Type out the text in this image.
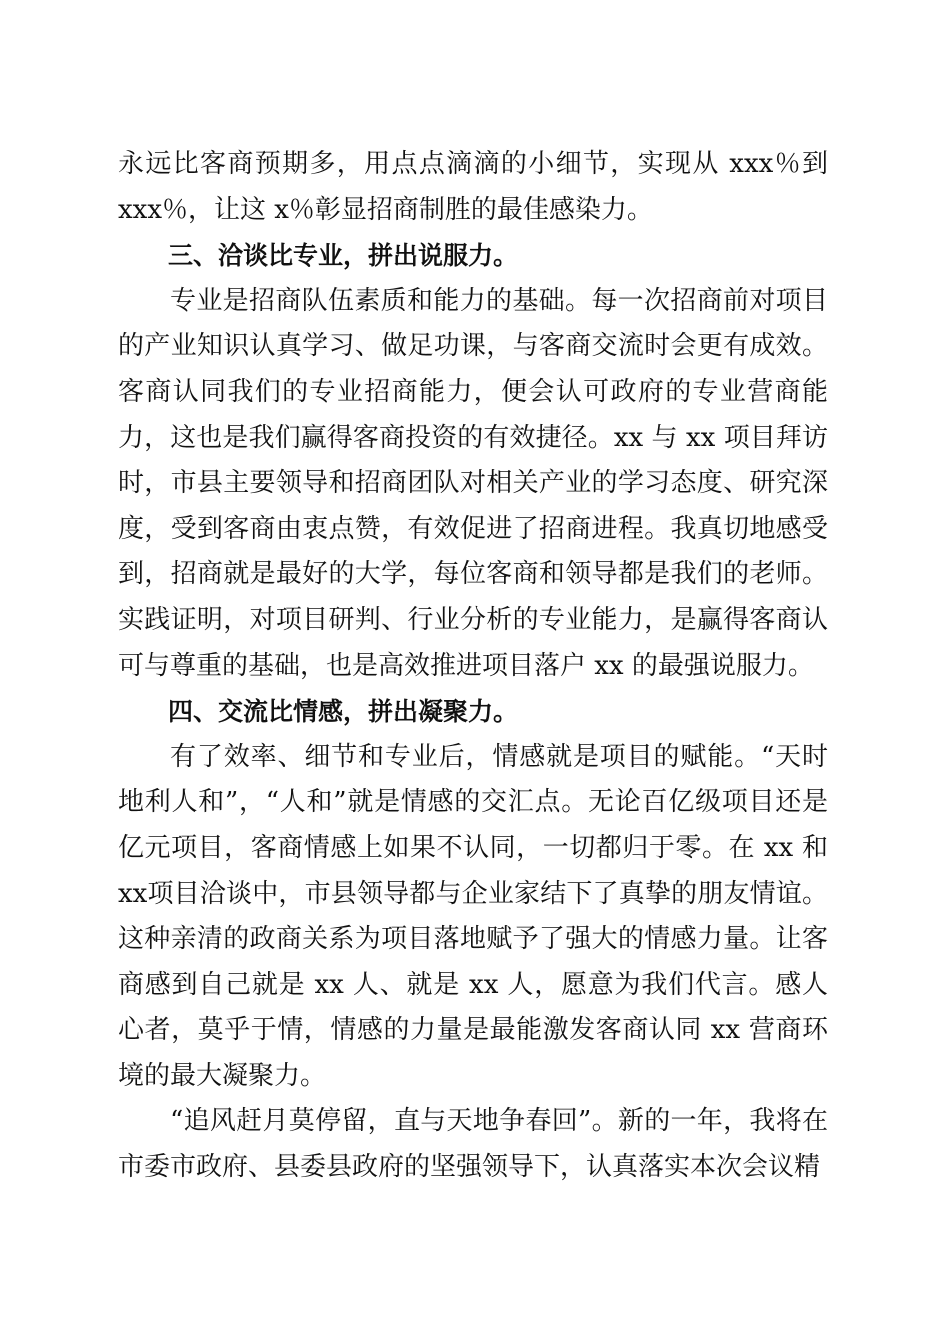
永远比客商预期多，用点点滴滴的小细节，实现从 xxx％到xxx％，让这 x％彰显招商制胜的最佳感染力。

三、洽谈比专业，拼出说服力。

专业是招商队伍素质和能力的基础。每一次招商前对项目的产业知识认真学习、做足功课，与客商交流时会更有成效。客商认同我们的专业招商能力，便会认可政府的专业营商能力，这也是我们赢得客商投资的有效捷径。xx 与 xx 项目拜访时，市县主要领导和招商团队对相关产业的学习态度、研究深度，受到客商由衷点赞，有效促进了招商进程。我真切地感受到，招商就是最好的大学，每位客商和领导都是我们的老师。实践证明，对项目研判、行业分析的专业能力，是赢得客商认可与尊重的基础，也是高效推进项目落户 xx 的最强说服力。

四、交流比情感，拼出凝聚力。

有了效率、细节和专业后，情感就是项目的赋能。“天时地利人和”，“人和”就是情感的交汇点。无论百亿级项目还是亿元项目，客商情感上如果不认同，一切都归于零。在 xx 和 xx项目洽谈中，市县领导都与企业家结下了真挚的朋友情谊。这种亲清的政商关系为项目落地赋予了强大的情感力量。让客商感到自己就是 xx 人、就是 xx 人，愿意为我们代言。感人心者，莫乎于情，情感的力量是最能激发客商认同 xx 营商环境的最大凝聚力。

“追风赶月莫停留，直与天地争春回”。新的一年，我将在市委市政府、县委县政府的坚强领导下，认真落实本次会议精
